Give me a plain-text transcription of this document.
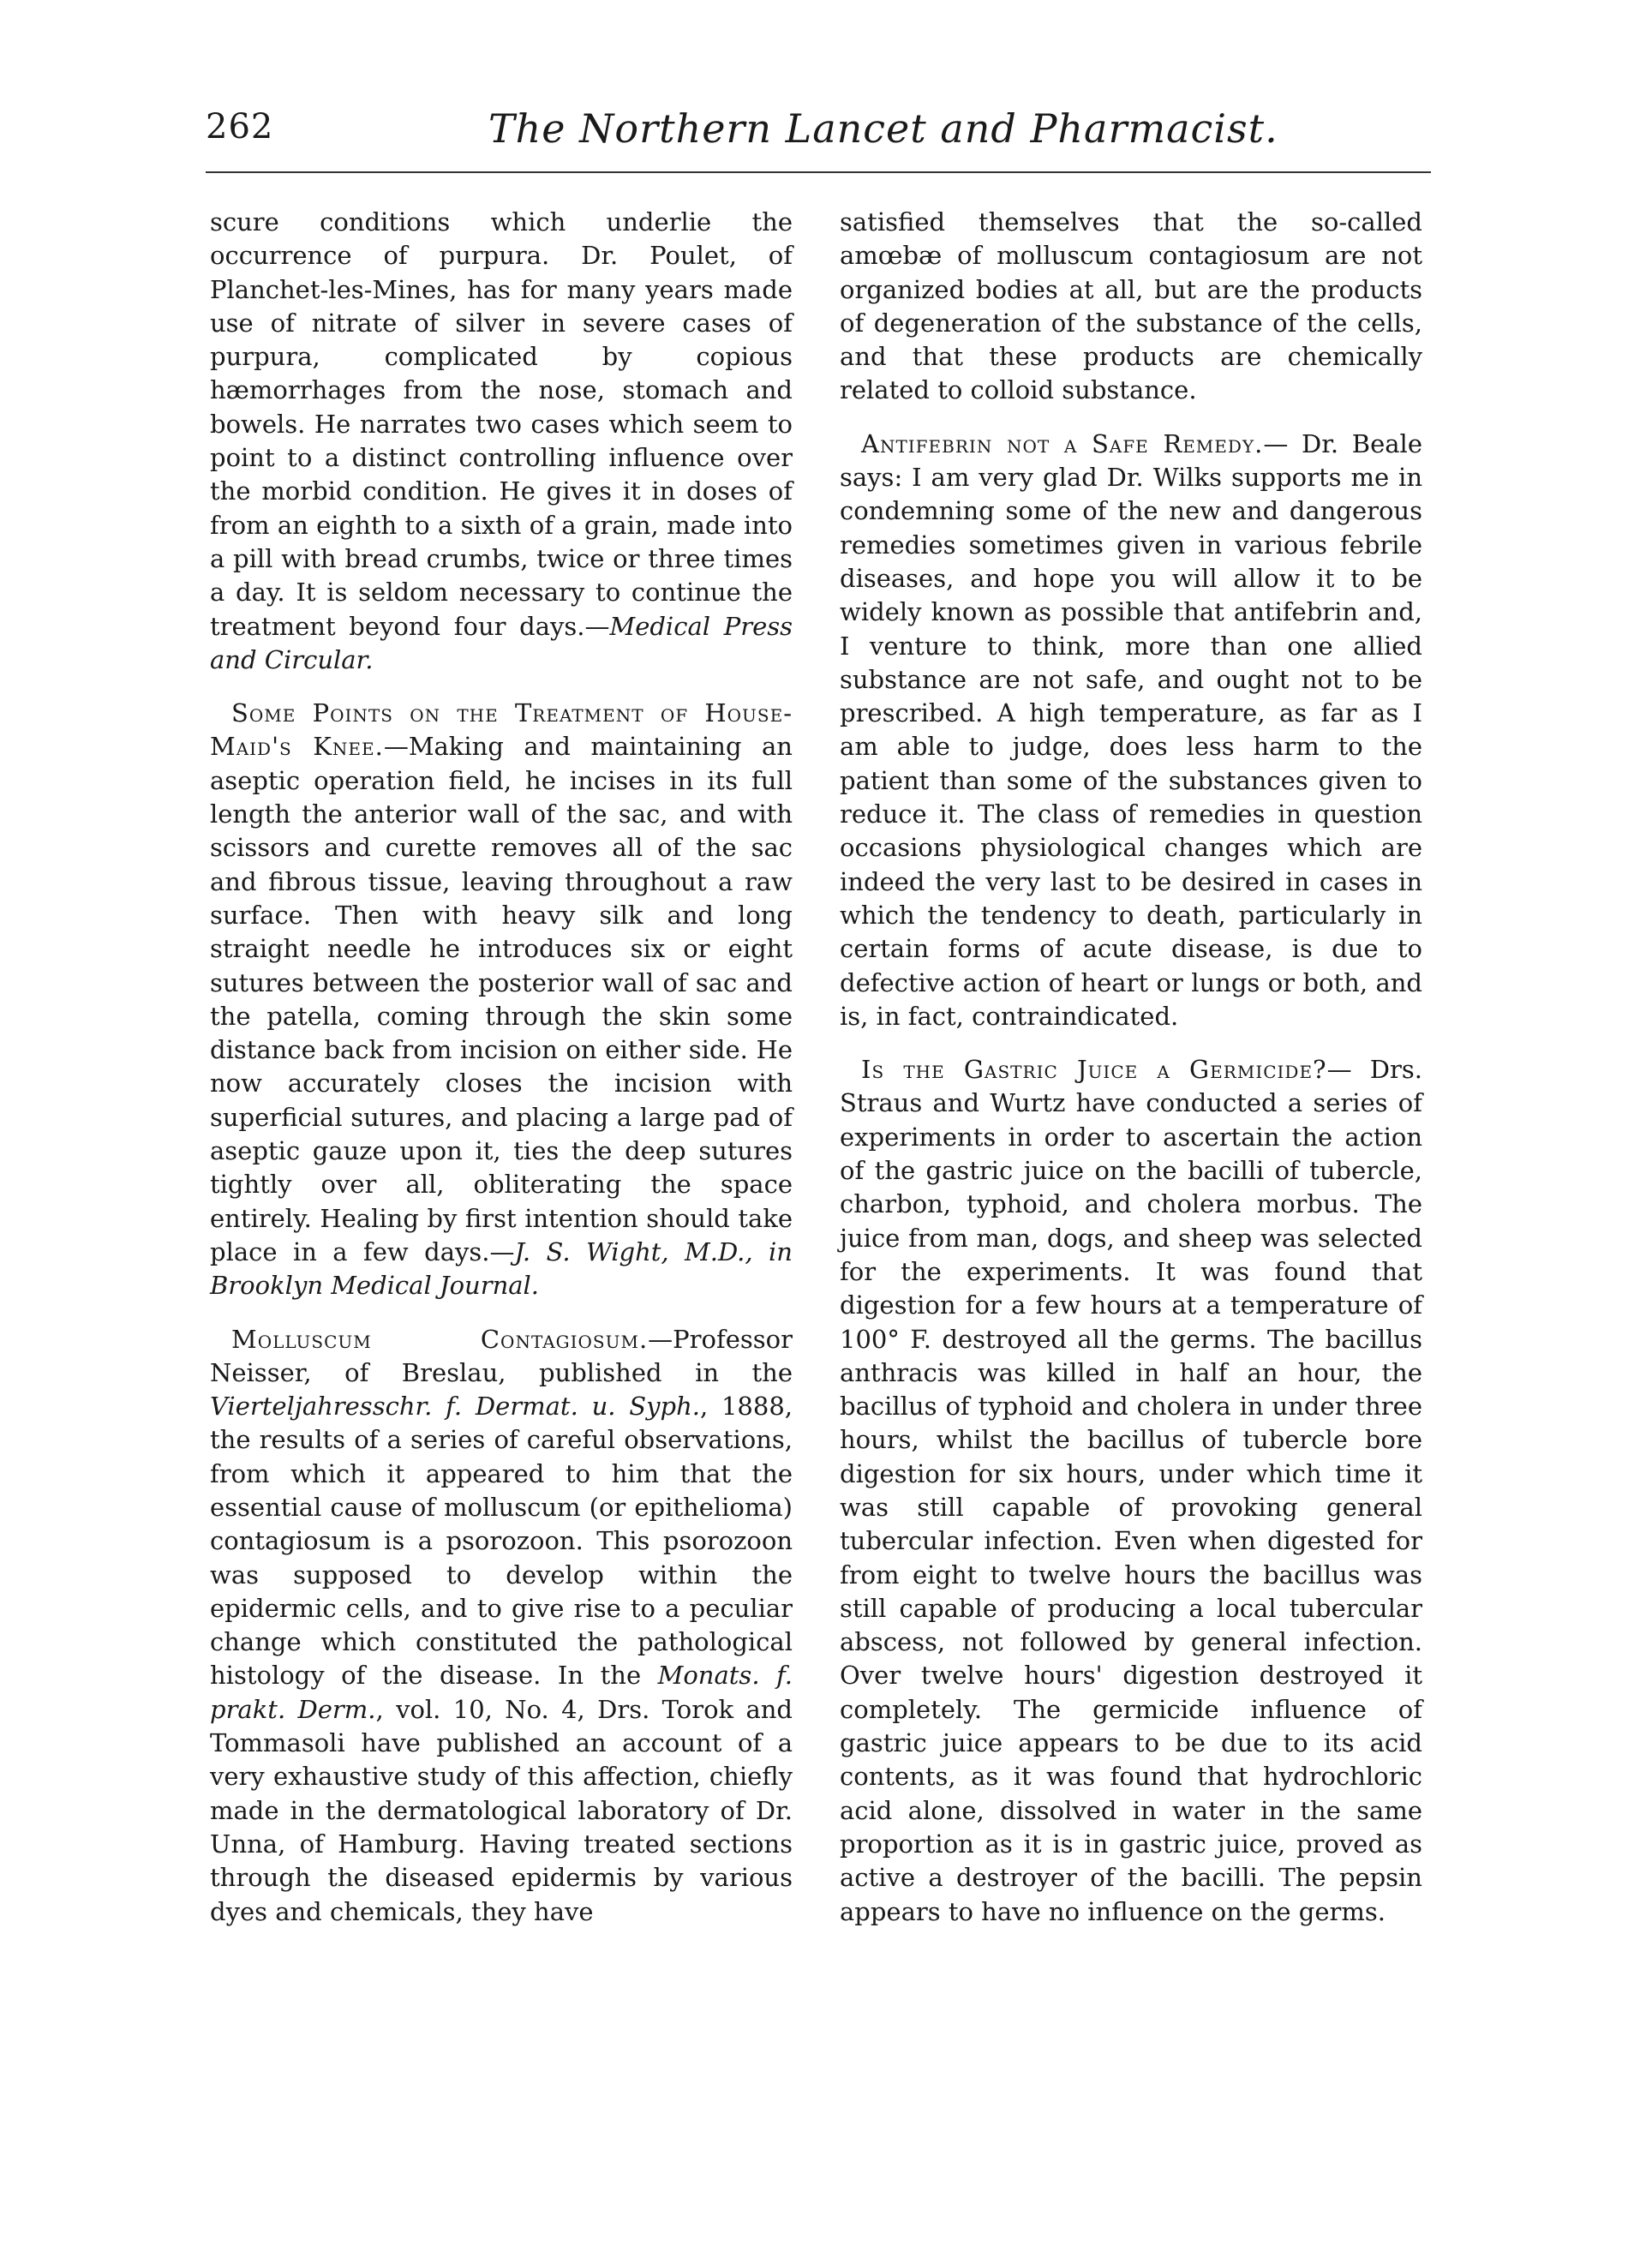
262	The Northern Lancet and Pharmacist.

scure conditions which underlie the occurrence of purpura. Dr. Poulet, of Planchet-les-Mines, has for many years made use of nitrate of silver in severe cases of purpura, complicated by copious hæmorrhages from the nose, stomach and bowels. He narrates two cases which seem to point to a distinct controlling influence over the morbid condition. He gives it in doses of from an eighth to a sixth of a grain, made into a pill with bread crumbs, twice or three times a day. It is seldom necessary to continue the treatment beyond four days.—Medical Press and Circular.

Some Points on the Treatment of House-Maid's Knee.—Making and maintaining an aseptic operation field, he incises in its full length the anterior wall of the sac, and with scissors and curette removes all of the sac and fibrous tissue, leaving throughout a raw surface. Then with heavy silk and long straight needle he introduces six or eight sutures between the posterior wall of sac and the patella, coming through the skin some distance back from incision on either side. He now accurately closes the incision with superficial sutures, and placing a large pad of aseptic gauze upon it, ties the deep sutures tightly over all, obliterating the space entirely. Healing by first intention should take place in a few days.—J. S. Wight, M.D., in Brooklyn Medical Journal.

Molluscum Contagiosum.—Professor Neisser, of Breslau, published in the Vierteljahresschr. f. Dermat. u. Syph., 1888, the results of a series of careful observations, from which it appeared to him that the essential cause of molluscum (or epithelioma) contagiosum is a psorozoon. This psorozoon was supposed to develop within the epidermic cells, and to give rise to a peculiar change which constituted the pathological histology of the disease. In the Monats. f. prakt. Derm., vol. 10, No. 4, Drs. Torok and Tommasoli have published an account of a very exhaustive study of this affection, chiefly made in the dermatological laboratory of Dr. Unna, of Hamburg. Having treated sections through the diseased epidermis by various dyes and chemicals, they have

satisfied themselves that the so-called amœbæ of molluscum contagiosum are not organized bodies at all, but are the products of degeneration of the substance of the cells, and that these products are chemically related to colloid substance.

Antifebrin not a Safe Remedy.— Dr. Beale says: I am very glad Dr. Wilks supports me in condemning some of the new and dangerous remedies sometimes given in various febrile diseases, and hope you will allow it to be widely known as possible that antifebrin and, I venture to think, more than one allied substance are not safe, and ought not to be prescribed. A high temperature, as far as I am able to judge, does less harm to the patient than some of the substances given to reduce it. The class of remedies in question occasions physiological changes which are indeed the very last to be desired in cases in which the tendency to death, particularly in certain forms of acute disease, is due to defective action of heart or lungs or both, and is, in fact, contraindicated.

Is the Gastric Juice a Germicide?— Drs. Straus and Wurtz have conducted a series of experiments in order to ascertain the action of the gastric juice on the bacilli of tubercle, charbon, typhoid, and cholera morbus. The juice from man, dogs, and sheep was selected for the experiments. It was found that digestion for a few hours at a temperature of 100° F. destroyed all the germs. The bacillus anthracis was killed in half an hour, the bacillus of typhoid and cholera in under three hours, whilst the bacillus of tubercle bore digestion for six hours, under which time it was still capable of provoking general tubercular infection. Even when digested for from eight to twelve hours the bacillus was still capable of producing a local tubercular abscess, not followed by general infection. Over twelve hours' digestion destroyed it completely. The germicide influence of gastric juice appears to be due to its acid contents, as it was found that hydrochloric acid alone, dissolved in water in the same proportion as it is in gastric juice, proved as active a destroyer of the bacilli. The pepsin appears to have no influence on the germs.
